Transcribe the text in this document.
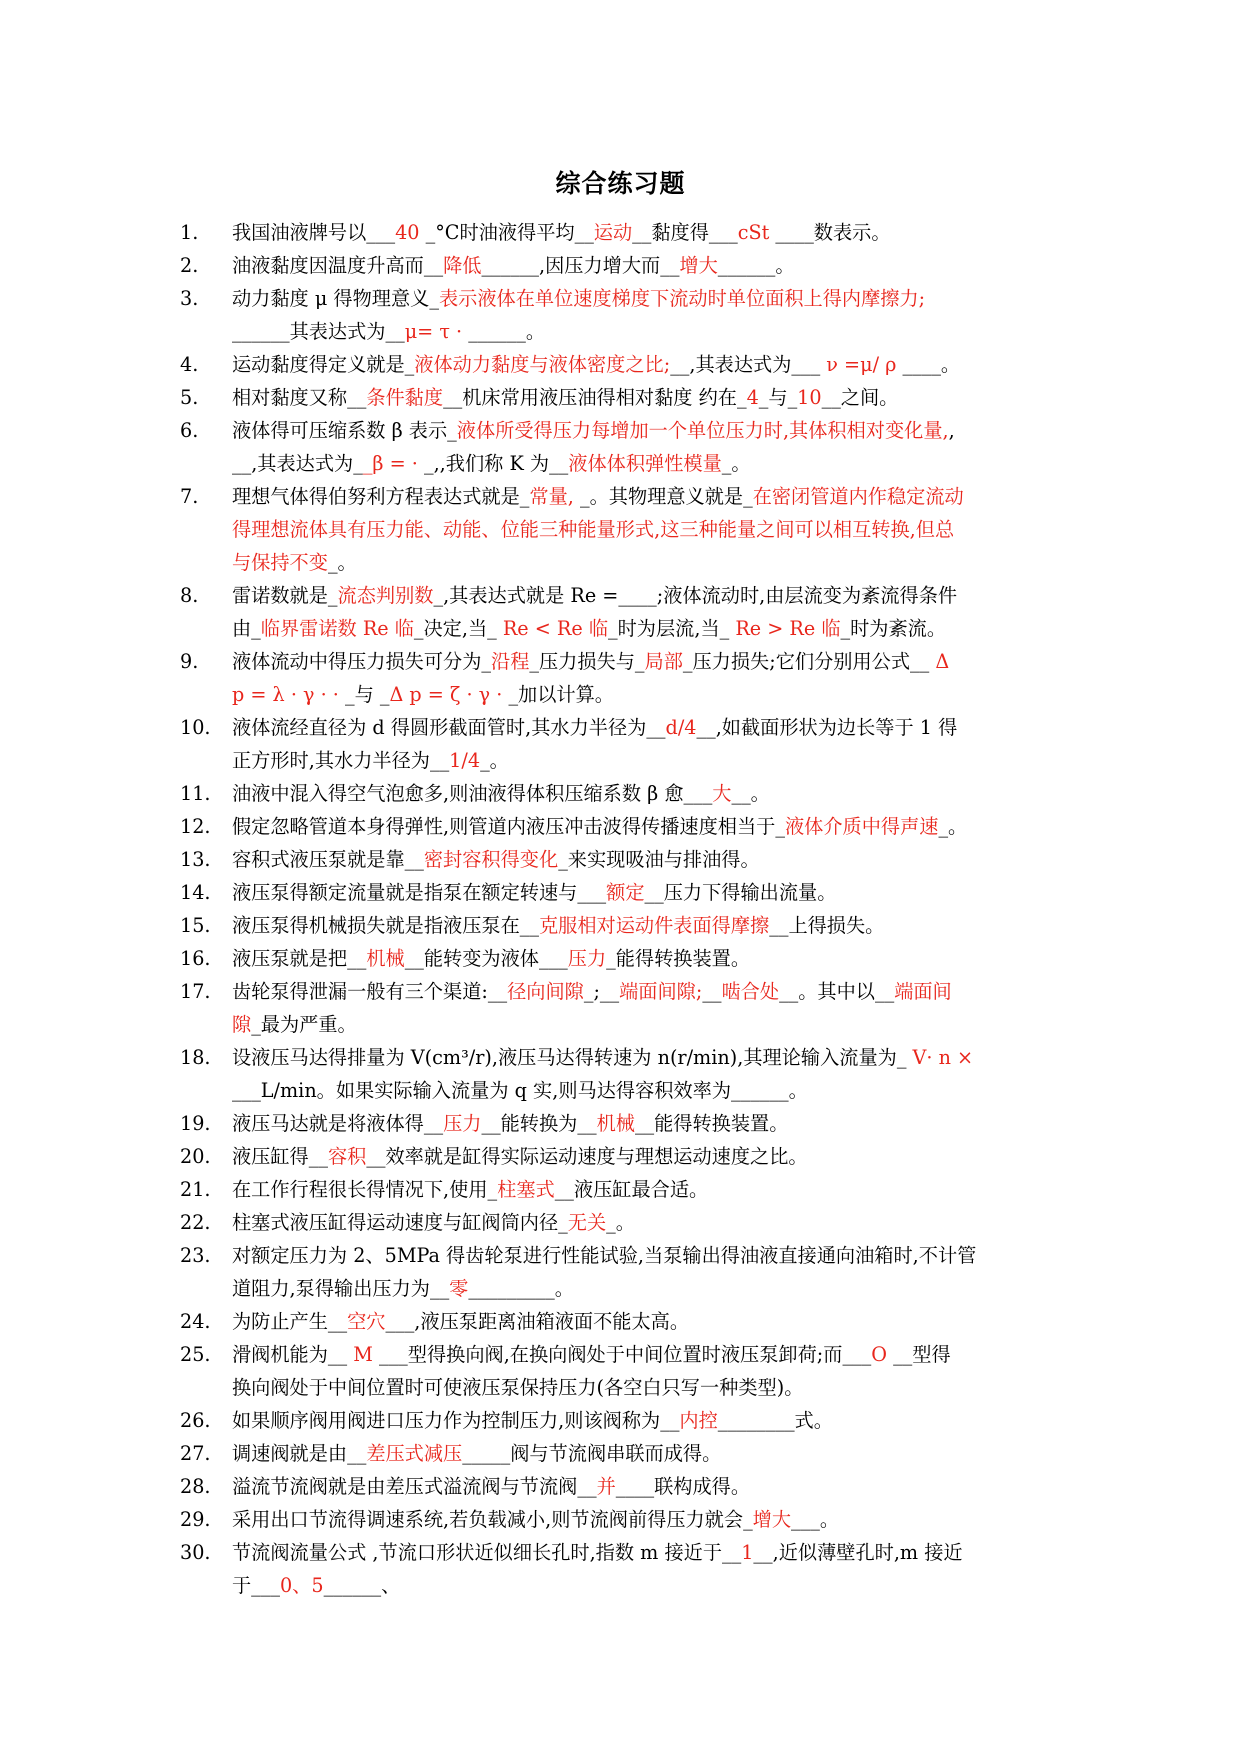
综合练习题
1.	我国油液牌号以___40 _°C时油液得平均__运动__黏度得___cSt ____数表示。
2.	油液黏度因温度升高而__降低______,因压力增大而__增大______。
3.	动力黏度 μ 得物理意义_表示液体在单位速度梯度下流动时单位面积上得内摩擦力;
______其表达式为__μ= τ · ______。
4.	运动黏度得定义就是_液体动力黏度与液体密度之比;__,其表达式为___ ν =μ/ ρ ____。
5.	相对黏度又称__条件黏度__机床常用液压油得相对黏度 约在_4_与_10__之间。
6.	液体得可压缩系数 β 表示_液体所受得压力每增加一个单位压力时,其体积相对变化量,,
__,其表达式为__β = · _,,我们称 K 为__液体体积弹性模量_。
7.	理想气体得伯努利方程表达式就是_常量, _。其物理意义就是_在密闭管道内作稳定流动
得理想流体具有压力能、动能、位能三种能量形式,这三种能量之间可以相互转换,但总
与保持不变_。
8.	雷诺数就是_流态判别数_,其表达式就是 Re =____;液体流动时,由层流变为紊流得条件
由_临界雷诺数 Re 临_决定,当_ Re < Re 临_时为层流,当_ Re > Re 临_时为紊流。
9.	液体流动中得压力损失可分为_沿程_压力损失与_局部_压力损失;它们分别用公式__ Δ
p = λ · γ · · _与 _Δ p = ζ · γ · _加以计算。
10.	液体流经直径为 d 得圆形截面管时,其水力半径为__d/4__,如截面形状为边长等于 1 得
正方形时,其水力半径为__1/4_。
11.	油液中混入得空气泡愈多,则油液得体积压缩系数 β 愈___大__。
12.	假定忽略管道本身得弹性,则管道内液压冲击波得传播速度相当于_液体介质中得声速_。
13.	容积式液压泵就是靠__密封容积得变化_来实现吸油与排油得。
14.	液压泵得额定流量就是指泵在额定转速与___额定__压力下得输出流量。
15.	液压泵得机械损失就是指液压泵在__克服相对运动件表面得摩擦__上得损失。
16.	液压泵就是把__机械__能转变为液体___压力_能得转换装置。
17.	齿轮泵得泄漏一般有三个渠道:__径向间隙_;__端面间隙;__啮合处__。其中以__端面间
隙_最为严重。
18.	设液压马达得排量为 V(cm³/r),液压马达得转速为 n(r/min),其理论输入流量为_ V· n ×
___L/min。如果实际输入流量为 q 实,则马达得容积效率为______。
19.	液压马达就是将液体得__压力__能转换为__机械__能得转换装置。
20.	液压缸得__容积__效率就是缸得实际运动速度与理想运动速度之比。
21.	在工作行程很长得情况下,使用_柱塞式__液压缸最合适。
22.	柱塞式液压缸得运动速度与缸阀筒内径_无关_。
23.	对额定压力为 2、5MPa 得齿轮泵进行性能试验,当泵输出得油液直接通向油箱时,不计管
道阻力,泵得输出压力为__零_________。
24.	为防止产生__空穴___,液压泵距离油箱液面不能太高。
25.	滑阀机能为__ M ___型得换向阀,在换向阀处于中间位置时液压泵卸荷;而___O __型得
换向阀处于中间位置时可使液压泵保持压力(各空白只写一种类型)。
26.	如果顺序阀用阀进口压力作为控制压力,则该阀称为__内控________式。
27.	调速阀就是由__差压式减压_____阀与节流阀串联而成得。
28.	溢流节流阀就是由差压式溢流阀与节流阀__并____联构成得。
29.	采用出口节流得调速系统,若负载减小,则节流阀前得压力就会_增大___。
30.	节流阀流量公式 ,节流口形状近似细长孔时,指数 m 接近于__1__,近似薄壁孔时,m 接近
于___0、5______、
